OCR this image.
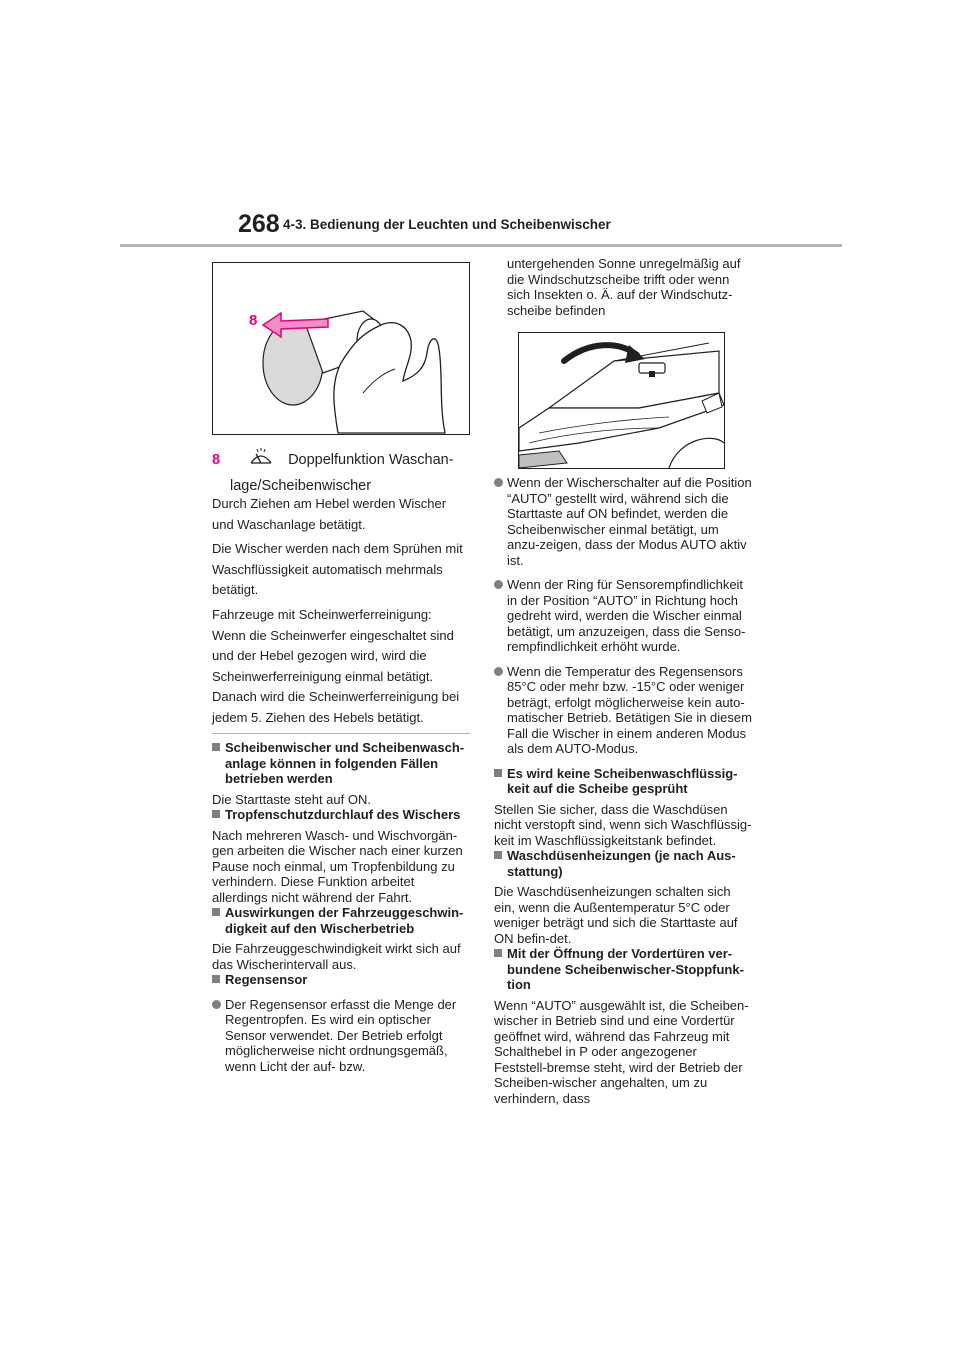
268 4-3. Bedienung der Leuchten und Scheibenwischer
8
8	Doppelfunktion Waschan-
lage/Scheibenwischer
Durch Ziehen am Hebel werden Wischer
und Waschanlage betätigt.
Die Wischer werden nach dem Sprühen mit
Waschflüssigkeit automatisch mehrmals
betätigt.
Fahrzeuge mit Scheinwerferreinigung:
Wenn die Scheinwerfer eingeschaltet sind
und der Hebel gezogen wird, wird die
Scheinwerferreinigung einmal betätigt.
Danach wird die Scheinwerferreinigung bei
jedem 5. Ziehen des Hebels betätigt.
Scheibenwischer und Scheibenwasch-anlage können in folgenden Fällen betrieben werden

Die Starttaste steht auf ON.

Tropfenschutzdurchlauf des Wischers

Nach mehreren Wasch- und Wischvorgän-gen arbeiten die Wischer nach einer kurzen Pause noch einmal, um Tropfenbildung zu verhindern. Diese Funktion arbeitet allerdings nicht während der Fahrt.

Auswirkungen der Fahrzeuggeschwin-digkeit auf den Wischerbetrieb

Die Fahrzeuggeschwindigkeit wirkt sich auf das Wischerintervall aus.

Regensensor
Der Regensensor erfasst die Menge der Regentropfen. Es wird ein optischer Sensor verwendet. Der Betrieb erfolgt möglicherweise nicht ordnungsgemäß, wenn Licht der auf- bzw.

untergehenden Sonne unregelmäßig auf die Windschutzscheibe trifft oder wenn sich Insekten o. Ä. auf der Windschutz-scheibe befinden

Wenn der Wischerschalter auf die Position “AUTO” gestellt wird, während sich die Starttaste auf ON befindet, werden die Scheibenwischer einmal betätigt, um anzu-zeigen, dass der Modus AUTO aktiv ist.
Wenn der Ring für Sensorempfindlichkeit in der Position “AUTO” in Richtung hoch gedreht wird, werden die Wischer einmal betätigt, um anzuzeigen, dass die Senso-rempfindlichkeit erhöht wurde.
Wenn die Temperatur des Regensensors 85°C oder mehr bzw. -15°C oder weniger beträgt, erfolgt möglicherweise kein auto-matischer Betrieb. Betätigen Sie in diesem Fall die Wischer in einem anderen Modus als dem AUTO-Modus.
Es wird keine Scheibenwaschflüssig-keit auf die Scheibe gesprüht

Stellen Sie sicher, dass die Waschdüsen nicht verstopft sind, wenn sich Waschflüssig-keit im Waschflüssigkeitstank befindet.

Waschdüsenheizungen (je nach Aus-stattung)

Die Waschdüsenheizungen schalten sich ein, wenn die Außentemperatur 5°C oder weniger beträgt und sich die Starttaste auf ON befin-det.

Mit der Öffnung der Vordertüren ver-bundene Scheibenwischer-Stoppfunk-tion

Wenn “AUTO” ausgewählt ist, die Scheiben-wischer in Betrieb sind und eine Vordertür geöffnet wird, während das Fahrzeug mit Schalthebel in P oder angezogener Feststell-bremse steht, wird der Betrieb der Scheiben-wischer angehalten, um zu verhindern, dass
